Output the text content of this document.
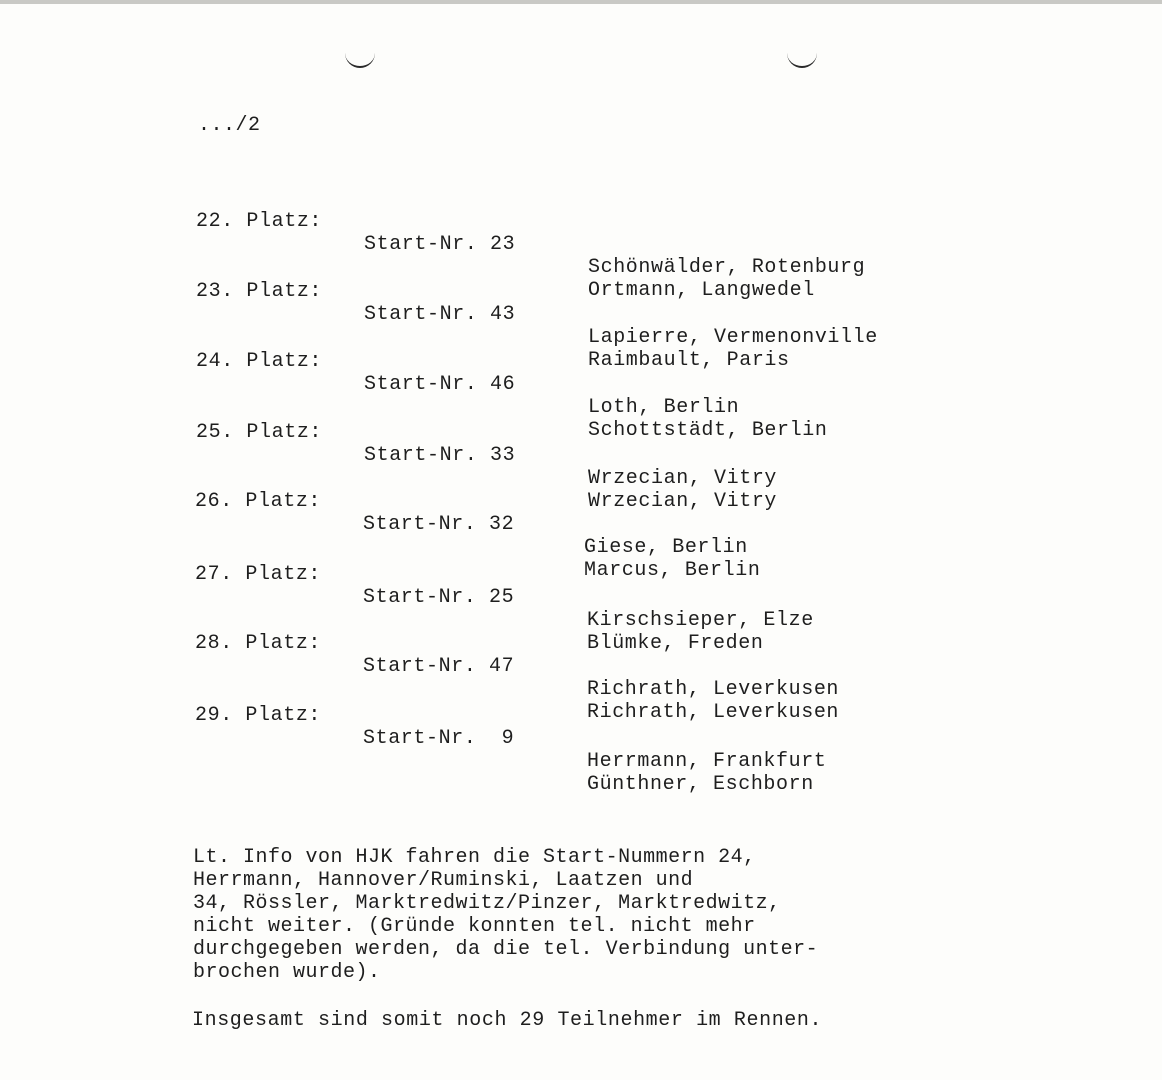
.../2

22. Platz:

Start-Nr. 23

Schönwälder, Rotenburg
Ortmann, Langwedel

23. Platz:

Start-Nr. 43

Lapierre, Vermenonville
Raimbault, Paris

24. Platz:

Start-Nr. 46

Loth, Berlin
Schottstädt, Berlin

25. Platz:

Start-Nr. 33

Wrzecian, Vitry
Wrzecian, Vitry

26. Platz:

Start-Nr. 32

Giese, Berlin
Marcus, Berlin

27. Platz:

Start-Nr. 25

Kirschsieper, Elze
Blümke, Freden

28. Platz:

Start-Nr. 47

Richrath, Leverkusen
Richrath, Leverkusen

29. Platz:

Start-Nr.  9

Herrmann, Frankfurt
Günthner, Eschborn

Lt. Info von HJK fahren die Start-Nummern 24,
Herrmann, Hannover/Ruminski, Laatzen und
34, Rössler, Marktredwitz/Pinzer, Marktredwitz,
nicht weiter. (Gründe konnten tel. nicht mehr
durchgegeben werden, da die tel. Verbindung unter-
brochen wurde).
Insgesamt sind somit noch 29 Teilnehmer im Rennen.
